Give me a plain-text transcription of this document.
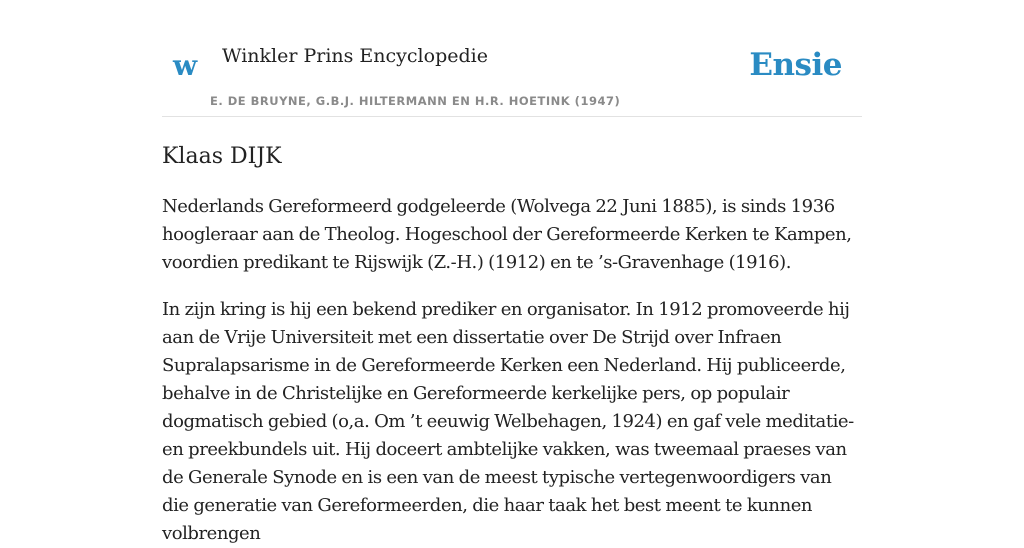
w Winkler Prins Encyclopedie
E. DE BRUYNE, G.B.J. HILTERMANN EN H.R. HOETINK (1947)
Ensie
Klaas DIJK

Nederlands Gereformeerd godgeleerde (Wolvega 22 Juni 1885), is sinds 1936 hoogleraar aan de Theolog. Hogeschool der Gereformeerde Kerken te Kampen, voordien predikant te Rijswijk (Z.-H.) (1912) en te ’s-Gravenhage (1916).

In zijn kring is hij een bekend prediker en organisator. In 1912 promoveerde hij aan de Vrije Universiteit met een dissertatie over De Strijd over Infraen Supralapsarisme in de Gereformeerde Kerken een Nederland. Hij publiceerde, behalve in de Christelijke en Gereformeerde kerkelijke pers, op populair dogmatisch gebied (o,a. Om ’t eeuwig Welbehagen, 1924) en gaf vele meditatie- en preekbundels uit. Hij doceert ambtelijke vakken, was tweemaal praeses van de Generale Synode en is een van de meest typische vertegenwoordigers van die generatie van Gereformeerden, die haar taak het best meent te kunnen volbrengen
